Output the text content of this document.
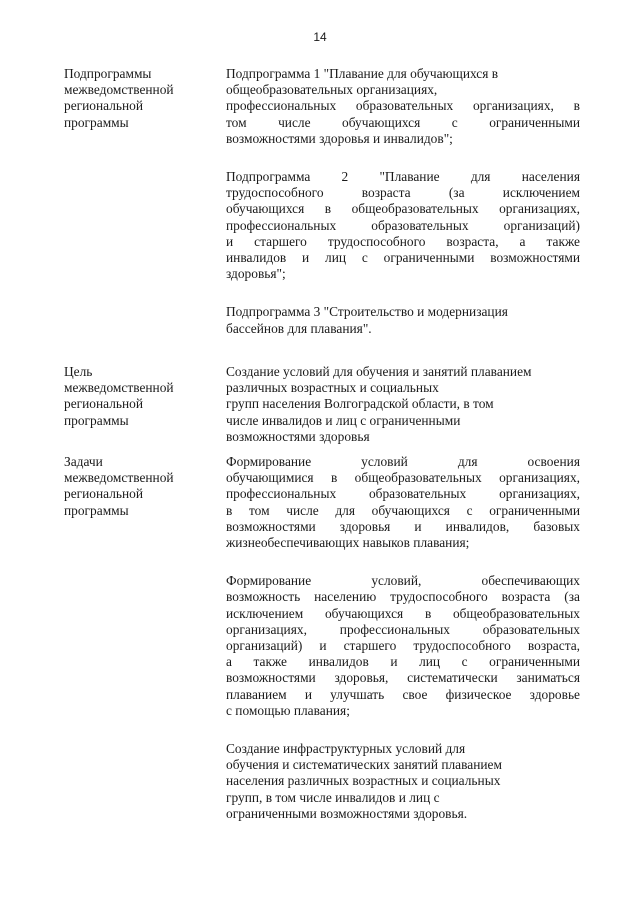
14
Подпрограммы
межведомственной
региональной
программы
Подпрограмма 1 "Плавание для обучающихся в
общеобразовательных организациях,
профессиональных образовательных организациях, в
том числе обучающихся с ограниченными
возможностями здоровья и инвалидов";
Подпрограмма 2 "Плавание для населения
трудоспособного возраста (за исключением
обучающихся в общеобразовательных организациях,
профессиональных образовательных организаций)
и старшего трудоспособного возраста, а также
инвалидов и лиц с ограниченными возможностями
здоровья";
Подпрограмма 3 "Строительство и модернизация
бассейнов для плавания".
Цель
межведомственной
региональной
программы
Создание условий для обучения и занятий плаванием
различных возрастных и социальных
групп населения Волгоградской области, в том
числе инвалидов и лиц с ограниченными
возможностями здоровья
Задачи
межведомственной
региональной
программы
Формирование условий для освоения
обучающимися в общеобразовательных организациях,
профессиональных образовательных организациях,
в том числе для обучающихся с ограниченными
возможностями здоровья и инвалидов, базовых
жизнеобеспечивающих навыков плавания;
Формирование условий, обеспечивающих
возможность населению трудоспособного возраста (за
исключением обучающихся в общеобразовательных
организациях, профессиональных образовательных
организаций) и старшего трудоспособного возраста,
а также инвалидов и лиц с ограниченными
возможностями здоровья, систематически заниматься
плаванием и улучшать свое физическое здоровье
с помощью плавания;
Создание инфраструктурных условий для
обучения и систематических занятий плаванием
населения различных возрастных и социальных
групп, в том числе инвалидов и лиц с
ограниченными возможностями здоровья.
